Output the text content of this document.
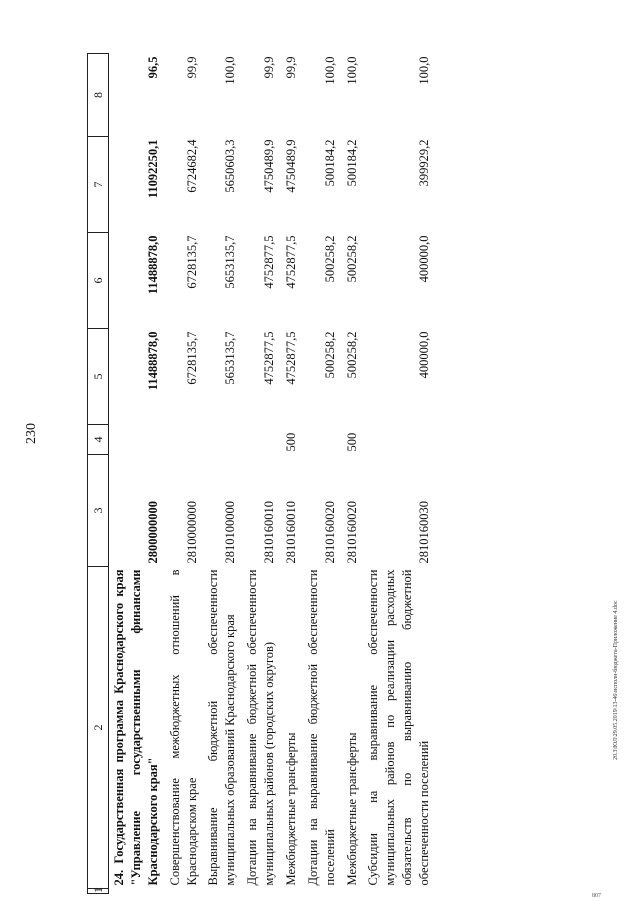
230
20.3\ЮЛ\29.05.2019\13-46\исполн-бюджета-Приложение 4.doc
807
1	2	3	4	5	6	7	8
	24. Государственная программа Краснодарского края "Управление государственными финансами Краснодарского края"	2800000000		11488878,0	11488878,0	11092250,1	96,5
	Совершенствование межбюджетных отношений в Краснодарском крае	2810000000		6728135,7	6728135,7	6724682,4	99,9
	Выравнивание бюджетной обеспеченности муниципальных образований Краснодарского края	2810100000		5653135,7	5653135,7	5650603,3	100,0
	Дотации на выравнивание бюджетной обеспеченности муниципальных районов (городских округов)	2810160010		4752877,5	4752877,5	4750489,9	99,9
	Межбюджетные трансферты	2810160010	500	4752877,5	4752877,5	4750489,9	99,9
	Дотации на выравнивание бюджетной обеспеченности поселений	2810160020		500258,2	500258,2	500184,2	100,0
	Межбюджетные трансферты	2810160020	500	500258,2	500258,2	500184,2	100,0
	Субсидии на выравнивание обеспеченности муниципальных районов по реализации расходных обязательств по выравниванию бюджетной обеспеченности поселений	2810160030		400000,0	400000,0	399929,2	100,0
